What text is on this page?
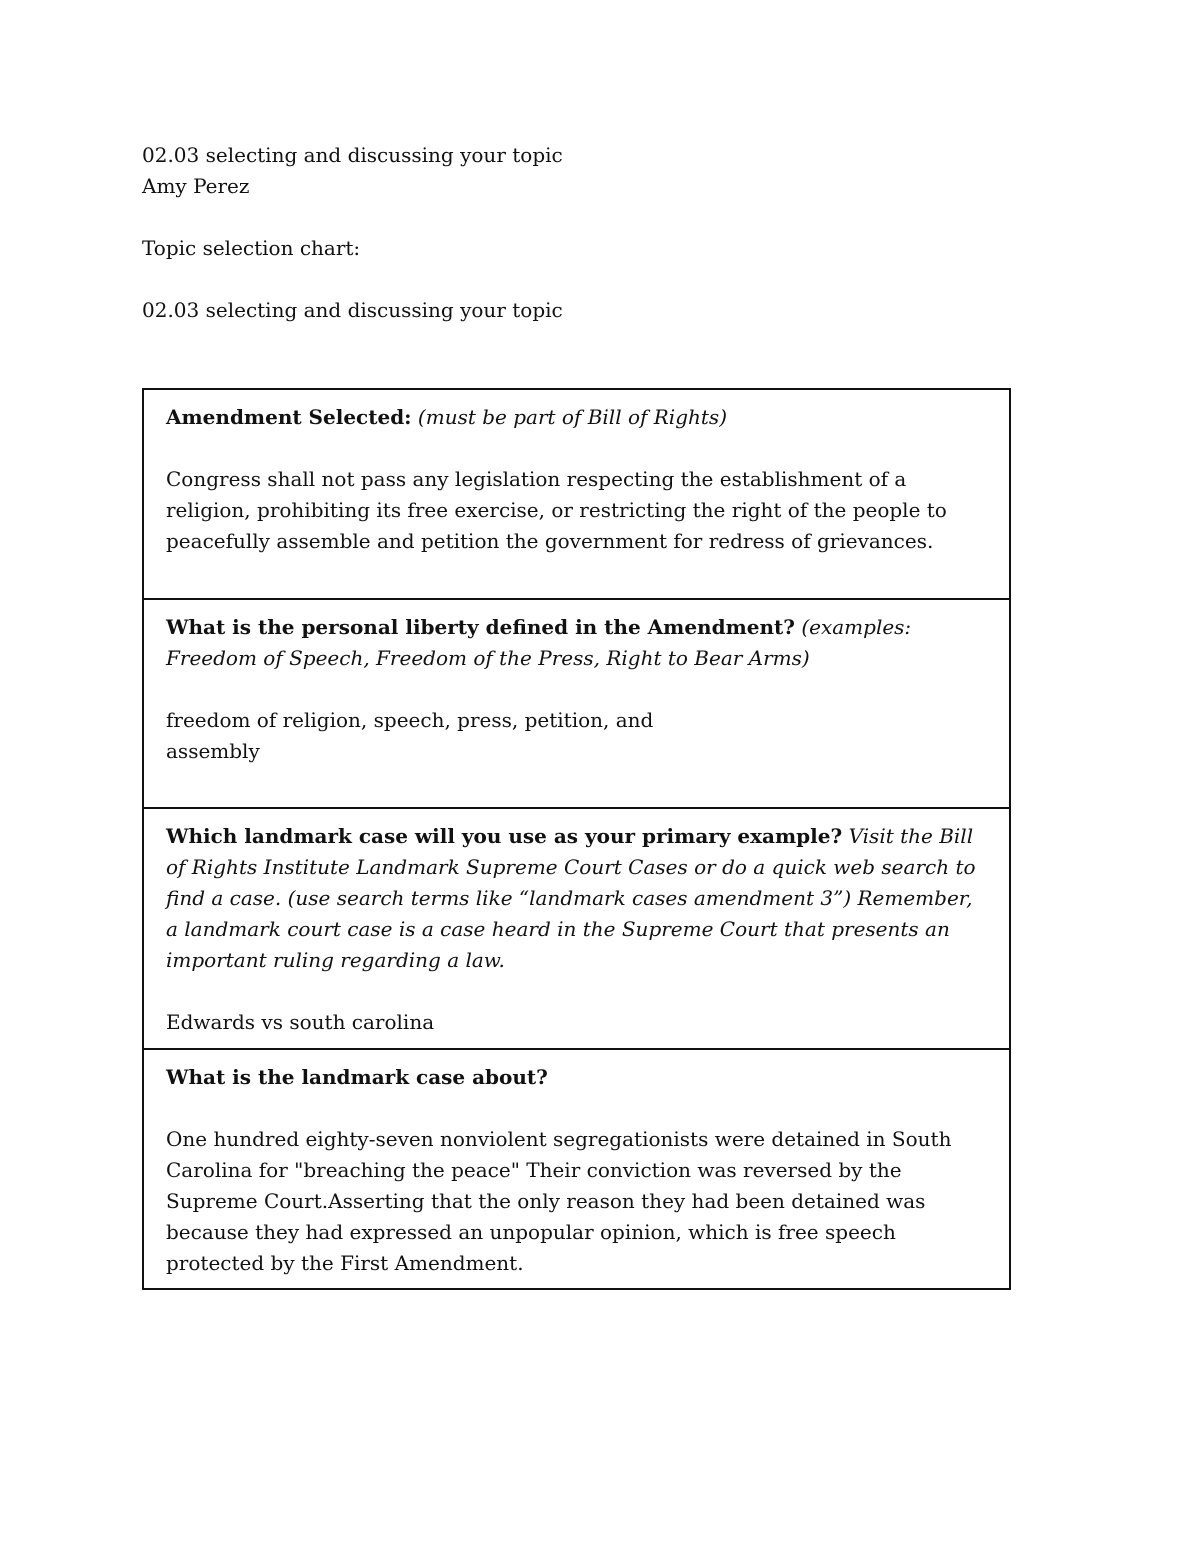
02.03 selecting and discussing your topic
Amy Perez
Topic selection chart:
02.03 selecting and discussing your topic

Amendment Selected: (must be part of Bill of Rights)

Congress shall not pass any legislation respecting the establishment of a religion, prohibiting its free exercise, or restricting the right of the people to peacefully assemble and petition the government for redress of grievances.

What is the personal liberty defined in the Amendment? (examples: Freedom of Speech, Freedom of the Press, Right to Bear Arms)

freedom of religion, speech, press, petition, and

assembly

Which landmark case will you use as your primary example? Visit the Bill of Rights Institute Landmark Supreme Court Cases or do a quick web search to find a case. (use search terms like “landmark cases amendment 3”) Remember, a landmark court case is a case heard in the Supreme Court that presents an important ruling regarding a law.

Edwards vs south carolina

What is the landmark case about?

One hundred eighty-seven nonviolent segregationists were detained in South Carolina for "breaching the peace" Their conviction was reversed by the Supreme Court.Asserting that the only reason they had been detained was because they had expressed an unpopular opinion, which is free speech protected by the First Amendment.
